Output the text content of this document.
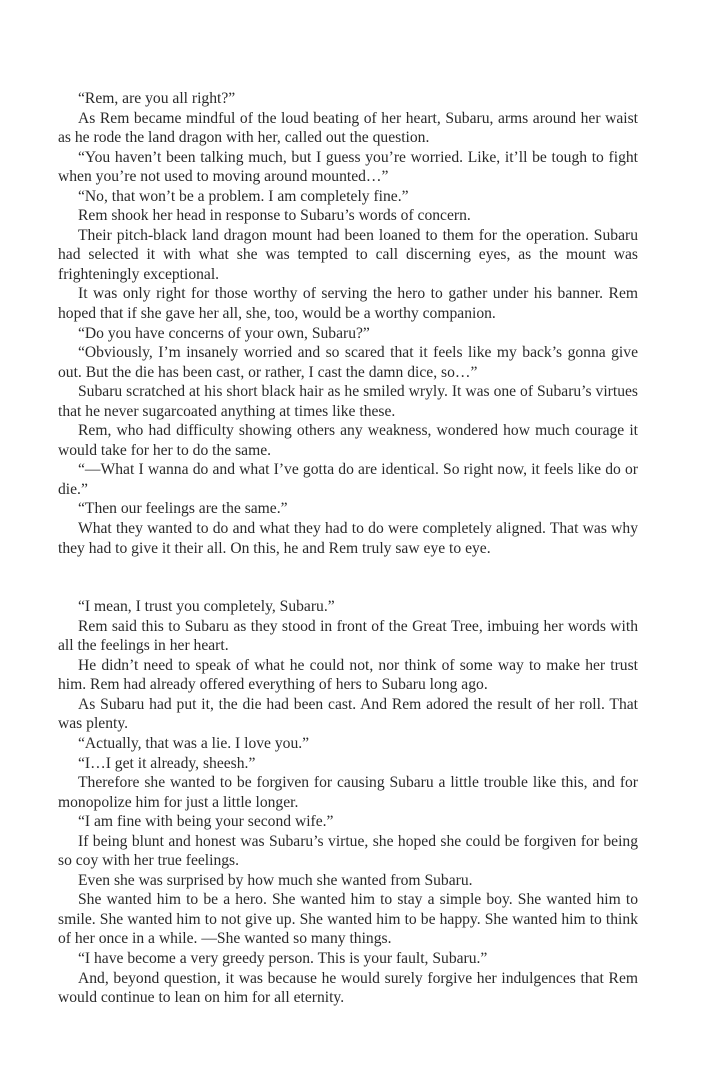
“Rem, are you all right?”

As Rem became mindful of the loud beating of her heart, Subaru, arms around her waist as he rode the land dragon with her, called out the question.

“You haven’t been talking much, but I guess you’re worried. Like, it’ll be tough to fight when you’re not used to moving around mounted…”

“No, that won’t be a problem. I am completely fine.”

Rem shook her head in response to Subaru’s words of concern.

Their pitch-black land dragon mount had been loaned to them for the operation. Subaru had selected it with what she was tempted to call discerning eyes, as the mount was frighteningly exceptional.

It was only right for those worthy of serving the hero to gather under his banner. Rem hoped that if she gave her all, she, too, would be a worthy companion.

“Do you have concerns of your own, Subaru?”

“Obviously, I’m insanely worried and so scared that it feels like my back’s gonna give out. But the die has been cast, or rather, I cast the damn dice, so…”

Subaru scratched at his short black hair as he smiled wryly. It was one of Subaru’s virtues that he never sugarcoated anything at times like these.

Rem, who had difficulty showing others any weakness, wondered how much courage it would take for her to do the same.

“—What I wanna do and what I’ve gotta do are identical. So right now, it feels like do or die.”

“Then our feelings are the same.”

What they wanted to do and what they had to do were completely aligned. That was why they had to give it their all. On this, he and Rem truly saw eye to eye.

“I mean, I trust you completely, Subaru.”

Rem said this to Subaru as they stood in front of the Great Tree, imbuing her words with all the feelings in her heart.

He didn’t need to speak of what he could not, nor think of some way to make her trust him. Rem had already offered everything of hers to Subaru long ago.

As Subaru had put it, the die had been cast. And Rem adored the result of her roll. That was plenty.

“Actually, that was a lie. I love you.”

“I…I get it already, sheesh.”

Therefore she wanted to be forgiven for causing Subaru a little trouble like this, and for monopolize him for just a little longer.

“I am fine with being your second wife.”

If being blunt and honest was Subaru’s virtue, she hoped she could be forgiven for being so coy with her true feelings.

Even she was surprised by how much she wanted from Subaru.

She wanted him to be a hero. She wanted him to stay a simple boy. She wanted him to smile. She wanted him to not give up. She wanted him to be happy. She wanted him to think of her once in a while. —She wanted so many things.

“I have become a very greedy person. This is your fault, Subaru.”

And, beyond question, it was because he would surely forgive her indulgences that Rem would continue to lean on him for all eternity.
